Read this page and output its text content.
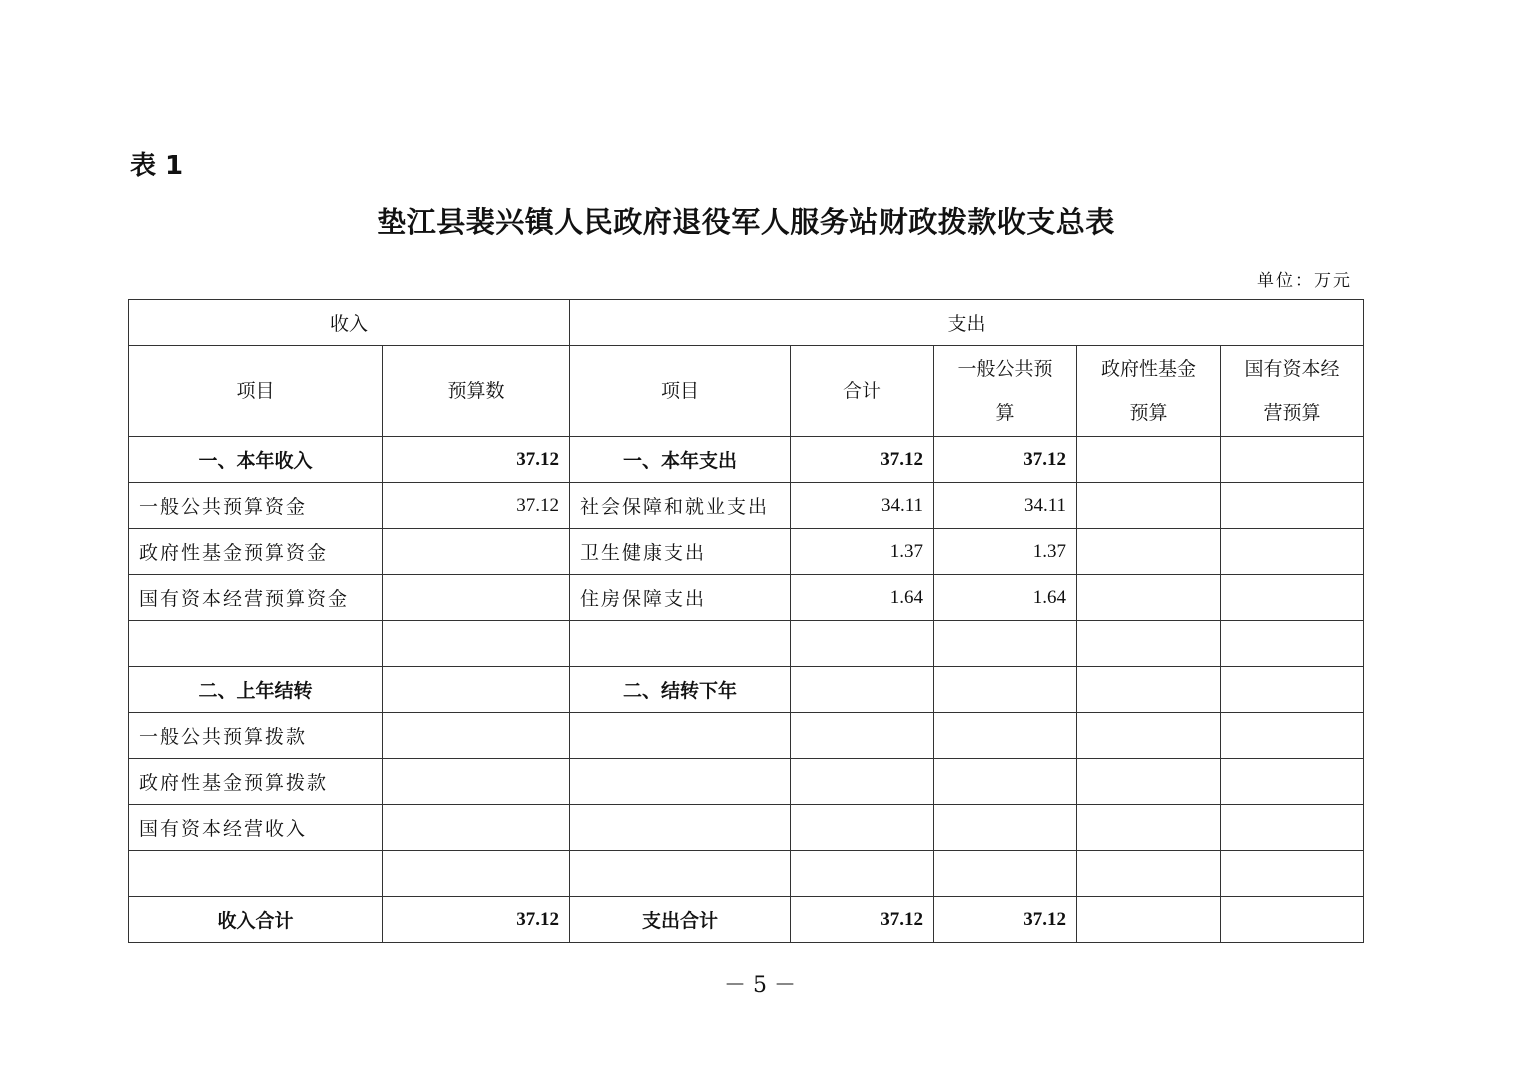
表 1
垫江县裴兴镇人民政府退役军人服务站财政拨款收支总表
单位：万元
收入		支出				
项目	预算数	项目	合计	一般公共预算	政府性基金预算	国有资本经营预算
一、本年收入	37.12	一、本年支出	37.12	37.12		
一般公共预算资金	37.12	社会保障和就业支出	34.11	34.11		
政府性基金预算资金		卫生健康支出	1.37	1.37		
国有资本经营预算资金		住房保障支出	1.64	1.64		

二、上年结转		二、结转下年				
一般公共预算拨款						
政府性基金预算拨款						
国有资本经营收入						

收入合计	37.12	支出合计	37.12	37.12		
－ 5 －
